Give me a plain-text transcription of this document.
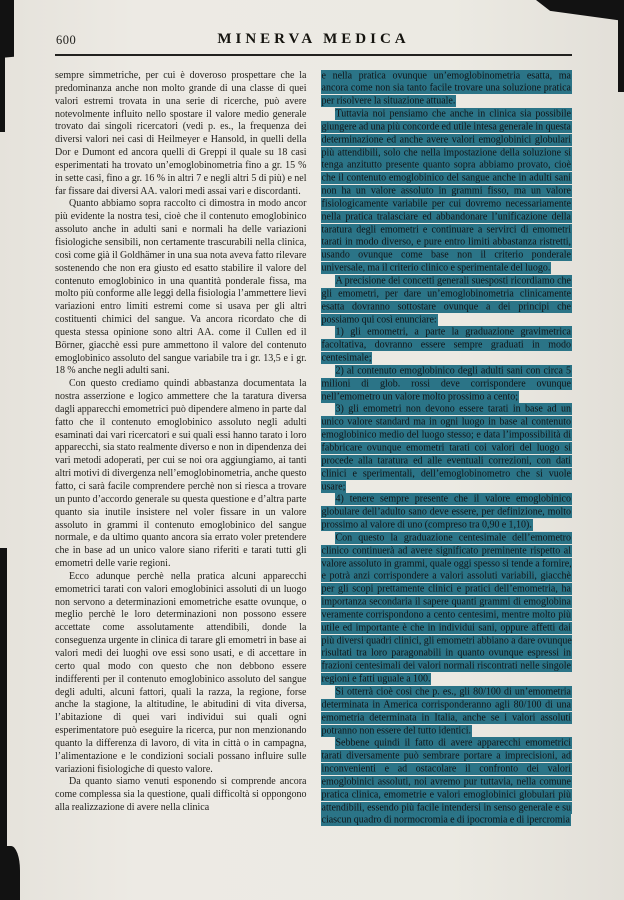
600	MINERVA MEDICA

sempre simmetriche, per cui è doveroso prospettare che la predominanza anche non molto grande di una classe di quei valori estremi trovata in una serie di ricerche, può avere notevolmente influito nello spostare il valore medio generale trovato dai singoli ricercatori (vedi p. es., la frequenza dei diversi valori nei casi di Heilmeyer e Hansold, in quelli della Dor e Dumont ed ancora quelli di Greppi il quale su 18 casi esperimentati ha trovato un’emoglobinometria fino a gr. 15 % in sette casi, fino a gr. 16 % in altri 7 e negli altri 5 di più) e nel far fissare dai diversi AA. valori medi assai vari e discordanti.

Quanto abbiamo sopra raccolto ci dimostra in modo ancor più evidente la nostra tesi, cioè che il contenuto emoglobinico assoluto anche in adulti sani e normali ha delle variazioni fisiologiche sensibili, non certamente trascurabili nella clinica, così come già il Goldhämer in una sua nota aveva fatto rilevare sostenendo che non era giusto ed esatto stabilire il valore del contenuto emoglobinico in una quantità ponderale fissa, ma molto più conforme alle leggi della fisiologia l’ammettere lievi variazioni entro limiti estremi come si usava per gli altri costituenti chimici del sangue. Va ancora ricordato che di questa stessa opinione sono altri AA. come il Cullen ed il Börner, giacchè essi pure ammettono il valore del contenuto emoglobinico assoluto del sangue variabile tra i gr. 13,5 e i gr. 18 % anche negli adulti sani.

Con questo crediamo quindi abbastanza documentata la nostra asserzione e logico ammettere che la taratura diversa dagli apparecchi emometrici può dipendere almeno in parte dal fatto che il contenuto emoglobinico assoluto negli adulti esaminati dai vari ricercatori e sui quali essi hanno tarato i loro apparecchi, sia stato realmente diverso e non in dipendenza dei vari metodi adoperati, per cui se noi ora aggiungiamo, ai tanti altri motivi di divergenza nell’emoglobinometria, anche questo fatto, ci sarà facile comprendere perchè non si riesca a trovare un punto d’accordo generale su questa questione e d’altra parte quanto sia inutile insistere nel voler fissare in un valore assoluto in grammi il contenuto emoglobinico del sangue normale, e da ultimo quanto ancora sia errato voler pretendere che in base ad un unico valore siano riferiti e tarati tutti gli emometri delle varie regioni.

Ecco adunque perchè nella pratica alcuni apparecchi emometrici tarati con valori emoglobinici assoluti di un luogo non servono a determinazioni emometriche esatte ovunque, o meglio perchè le loro determinazioni non possono essere accettate come assolutamente attendibili, donde la conseguenza urgente in clinica di tarare gli emometri in base ai valori medi dei luoghi ove essi sono usati, e di accettare in certo qual modo con questo che non debbono essere indifferenti per il contenuto emoglobinico assoluto del sangue degli adulti, alcuni fattori, quali la razza, la regione, forse anche la stagione, la altitudine, le abitudini di vita diversa, l’abitazione di quei vari individui sui quali ogni esperimentatore può eseguire la ricerca, pur non menzionando quanto la differenza di lavoro, di vita in città o in campagna, l’alimentazione e le condizioni sociali possano influire sulle variazioni fisiologiche di questo valore.

Da quanto siamo venuti esponendo si comprende ancora come complessa sia la questione, quali difficoltà si oppongono alla realizzazione di avere nella clinica

e nella pratica ovunque un’emoglobinometria esatta, ma ancora come non sia tanto facile trovare una soluzione pratica per risolvere la situazione attuale.

Tuttavia noi pensiamo che anche in clinica sia possibile giungere ad una più concorde ed utile intesa generale in questa determinazione ed anche avere valori emoglobinici globulari più attendibili, solo che nella impostazione della soluzione si tenga anzitutto presente quanto sopra abbiamo provato, cioè che il contenuto emoglobinico del sangue anche in adulti sani non ha un valore assoluto in grammi fisso, ma un valore fisiologicamente variabile per cui dovremo necessariamente nella pratica tralasciare ed abbandonare l’unificazione della taratura degli emometri e continuare a servirci di emometri tarati in modo diverso, e pure entro limiti abbastanza ristretti, usando ovunque come base non il criterio ponderale universale, ma il criterio clinico e sperimentale del luogo.

A precisione dei concetti generali suesposti ricordiamo che gli emometri, per dare un’emoglobinometria clinicamente esatta dovranno sottostare ovunque a dei principi che possiamo qui così enunciare:

1) gli emometri, a parte la graduazione gravimetrica facoltativa, dovranno essere sempre graduati in modo centesimale;

2) al contenuto emoglobinico degli adulti sani con circa 5 milioni di glob. rossi deve corrispondere ovunque nell’emometro un valore molto prossimo a cento;

3) gli emometri non devono essere tarati in base ad un unico valore standard ma in ogni luogo in base al contenuto emoglobinico medio del luogo stesso; e data l’impossibilità di fabbricare ovunque emometri tarati coi valori del luogo si procede alla taratura ed alle eventuali correzioni, con dati clinici e sperimentali, dell’emoglobinometro che si vuole usare;

4) tenere sempre presente che il valore emoglobinico globulare dell’adulto sano deve essere, per definizione, molto prossimo al valore di uno (compreso tra 0,90 e 1,10).

Con questo la graduazione centesimale dell’emometro clinico continuerà ad avere significato preminente rispetto al valore assoluto in grammi, quale oggi spesso si tende a fornire, e potrà anzi corrispondere a valori assoluti variabili, giacchè per gli scopi prettamente clinici e pratici dell’emometria, ha importanza secondaria il sapere quanti grammi di emoglobina veramente corrispondono a cento centesimi, mentre molto più utile ed importante è che in individui sani, oppure affetti dai più diversi quadri clinici, gli emometri abbiano a dare ovunque risultati tra loro paragonabili in quanto ovunque espressi in frazioni centesimali dei valori normali riscontrati nelle singole regioni e fatti uguale a 100.

Si otterrà cioè così che p. es., gli 80/100 di un’emometria determinata in America corrisponderanno agli 80/100 di una emometria determinata in Italia, anche se i valori assoluti potranno non essere del tutto identici.

Sebbene quindi il fatto di avere apparecchi emometrici tarati diversamente può sembrare portare a imprecisioni, ad inconvenienti e ad ostacolare il confronto dei valori emoglobinici assoluti, noi avremo pur tuttavia, nella comune pratica clinica, emometrie e valori emoglobinici globulari più attendibili, essendo più facile intendersi in senso generale e su ciascun quadro di normocromia e di ipocromia e di ipercromia
